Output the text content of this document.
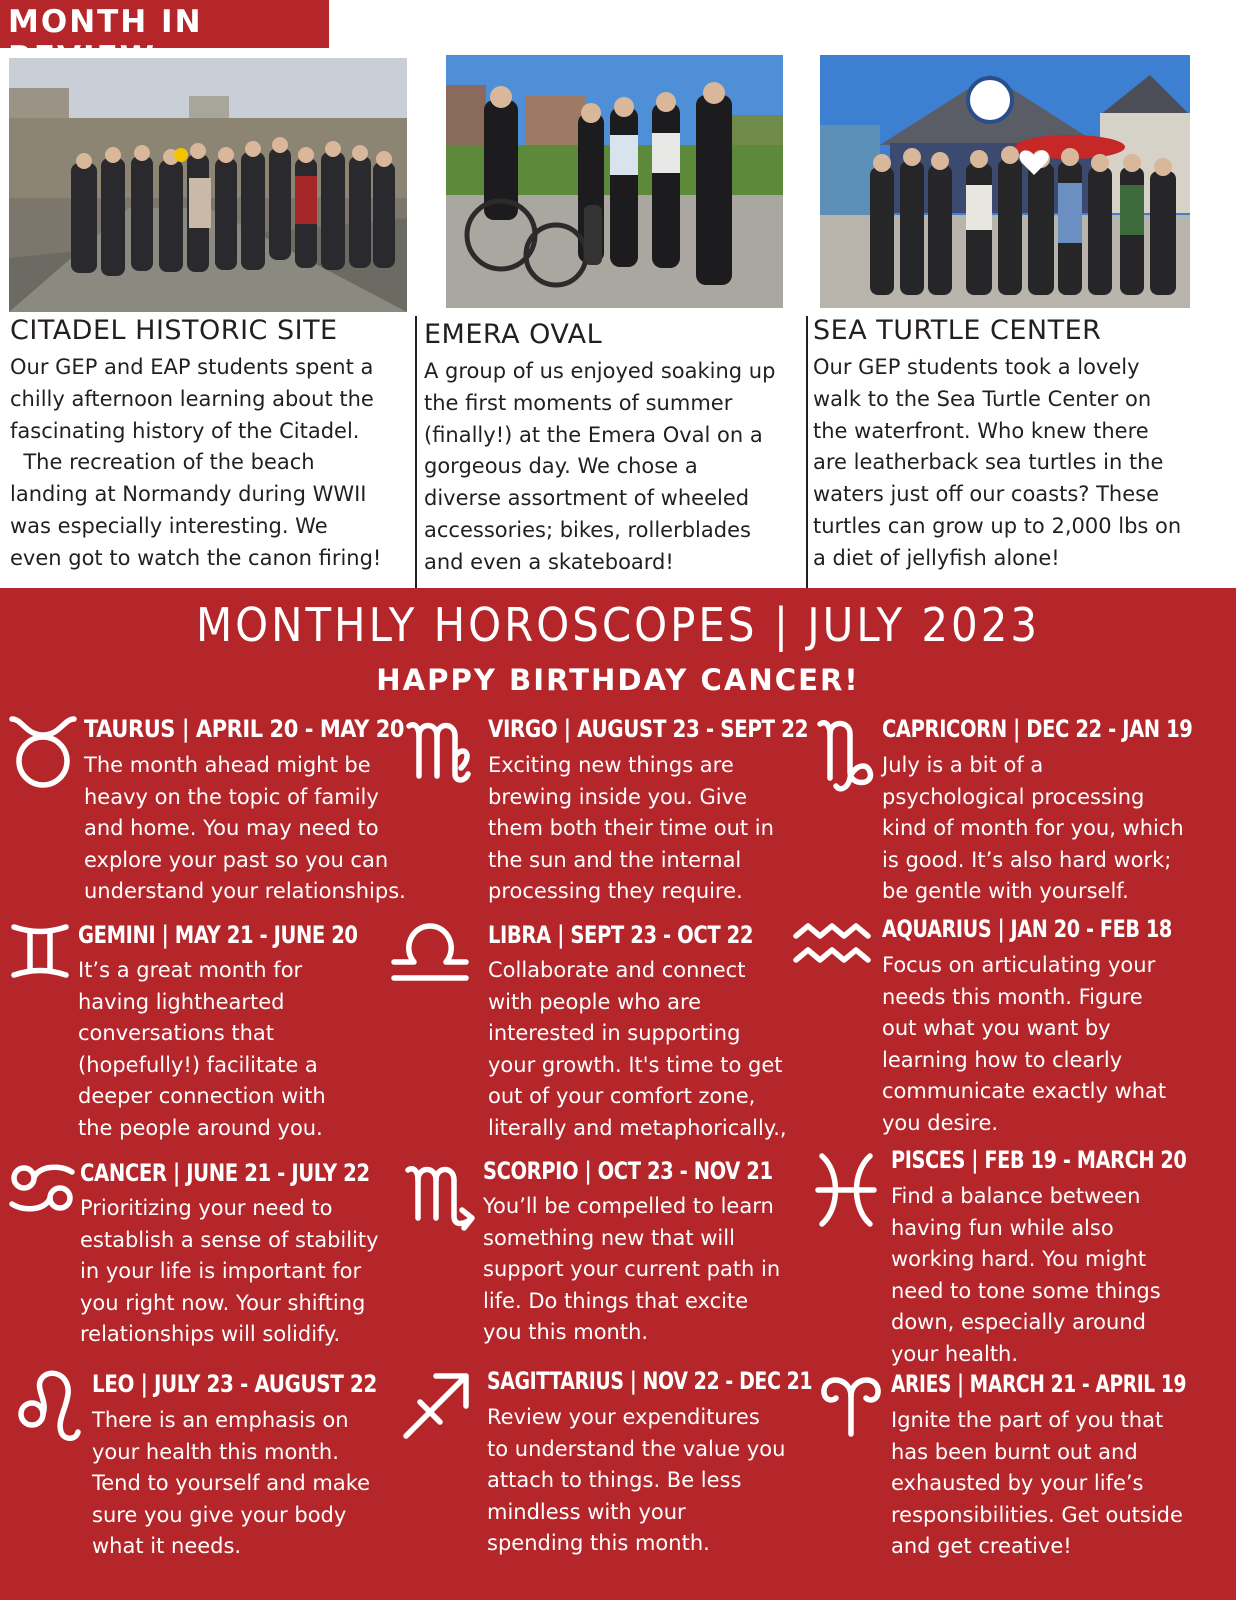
MONTH IN
CITADEL HISTORIC SITE	EMERA OVAL	SEA TURTLE CENTER
Our GEP and EAP students spent a
chilly afternoon learning about the
fascinating history of the Citadel.
The recreation of the beach
landing at Normandy during WWII
was especially interesting. We
even got to watch the canon firing!
A group of us enjoyed soaking up
the first moments of summer
(finally!) at the Emera Oval on a
gorgeous day. We chose a
diverse assortment of wheeled
accessories; bikes, rollerblades
and even a skateboard!
Our GEP students took a lovely
walk to the Sea Turtle Center on
the waterfront. Who knew there
are leatherback sea turtles in the
waters just off our coasts? These
turtles can grow up to 2,000 lbs on
a diet of jellyfish alone!
MONTHLY HOROSCOPES | JULY 2023
HAPPY BIRTHDAY CANCER!
TAURUS | APRIL 20 - MAY 20	VIRGO | AUGUST 23 - SEPT 22	CAPRICORN | DEC 22 - JAN 19
GEMINI | MAY 21 - JUNE 20	LIBRA | SEPT 23 - OCT 22	AQUARIUS | JAN 20 - FEB 18
CANCER | JUNE 21 - JULY 22	SCORPIO | OCT 23 - NOV 21	PISCES | FEB 19 - MARCH 20
LEO | JULY 23 - AUGUST 22	SAGITTARIUS | NOV 22 - DEC 21	ARIES | MARCH 21 - APRIL 19
The month ahead might be
heavy on the topic of family
and home. You may need to
explore your past so you can
understand your relationships.
Exciting new things are
brewing inside you. Give
them both their time out in
the sun and the internal
processing they require.
July is a bit of a
psychological processing
kind of month for you, which
is good. It’s also hard work;
be gentle with yourself.
It’s a great month for
having lighthearted
conversations that
(hopefully!) facilitate a
deeper connection with
the people around you.
Collaborate and connect
with people who are
interested in supporting
your growth. It's time to get
out of your comfort zone,
literally and metaphorically.,
Focus on articulating your
needs this month. Figure
out what you want by
learning how to clearly
communicate exactly what
you desire.
Prioritizing your need to
establish a sense of stability
in your life is important for
you right now. Your shifting
relationships will solidify.
You’ll be compelled to learn
something new that will
support your current path in
life. Do things that excite
you this month.
Find a balance between
having fun while also
working hard. You might
need to tone some things
down, especially around
your health.
There is an emphasis on
your health this month.
Tend to yourself and make
sure you give your body
what it needs.
Review your expenditures
to understand the value you
attach to things. Be less
mindless with your
spending this month.
Ignite the part of you that
has been burnt out and
exhausted by your life’s
responsibilities. Get outside
and get creative!
